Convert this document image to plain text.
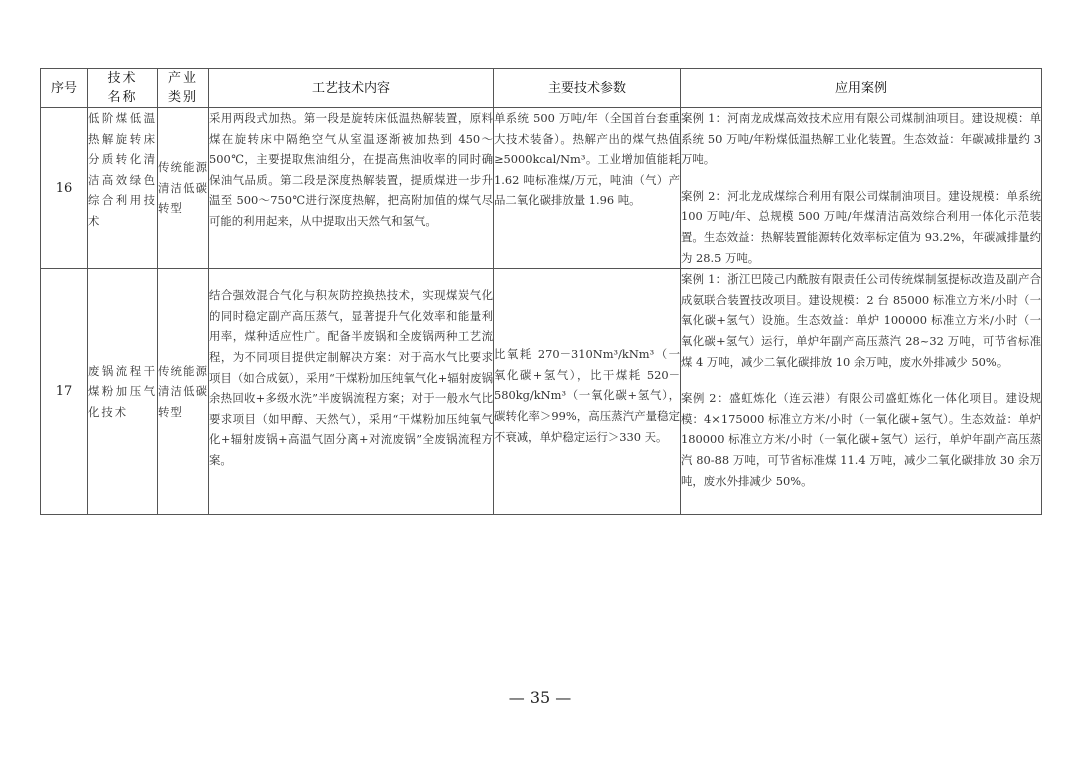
序号	技术名称	产业类别	工艺技术内容	主要技术参数	应用案例
16	低阶煤低温热解旋转床分质转化清洁高效绿色综合利用技术	传统能源清洁低碳转型	采用两段式加热。第一段是旋转床低温热解装置，原料煤在旋转床中隔绝空气从室温逐渐被加热到 450～500℃，主要提取焦油组分，在提高焦油收率的同时确保油气品质。第二段是深度热解装置，提质煤进一步升温至 500～750℃进行深度热解，把高附加值的煤气尽可能的利用起来，从中提取出天然气和氢气。	单系统 500 万吨/年（全国首台套重大技术装备）。热解产出的煤气热值≥5000kcal/Nm³。工业增加值能耗 1.62 吨标准煤/万元，吨油（气）产品二氧化碳排放量 1.96 吨。	案例 1：河南龙成煤高效技术应用有限公司煤制油项目。建设规模：单系统 50 万吨/年粉煤低温热解工业化装置。生态效益：年碳减排量约 3 万吨。

案例 2：河北龙成煤综合利用有限公司煤制油项目。建设规模：单系统 100 万吨/年、总规模 500 万吨/年煤清洁高效综合利用一体化示范装置。生态效益：热解装置能源转化效率标定值为 93.2%，年碳减排量约为 28.5 万吨。

17	废锅流程干煤粉加压气化技术	传统能源清洁低碳转型	结合强效混合气化与积灰防控换热技术，实现煤炭气化的同时稳定副产高压蒸气，显著提升气化效率和能量利用率，煤种适应性广。配备半废锅和全废锅两种工艺流程，为不同项目提供定制解决方案：对于高水气比要求项目（如合成氨），采用“干煤粉加压纯氧气化+辐射废锅余热回收+多级水洗”半废锅流程方案；对于一般水气比要求项目（如甲醇、天然气），采用“干煤粉加压纯氧气化+辐射废锅+高温气固分离+对流废锅”全废锅流程方案。	比氧耗 270－310Nm³/kNm³（一氧化碳+氢气），比干煤耗 520－580kg/kNm³（一氧化碳+氢气），碳转化率＞99%，高压蒸汽产量稳定不衰减，单炉稳定运行＞330 天。	案例 1：浙江巴陵己内酰胺有限责任公司传统煤制氢提标改造及副产合成氨联合装置技改项目。建设规模：2 台 85000 标准立方米/小时（一氧化碳+氢气）设施。生态效益：单炉 100000 标准立方米/小时（一氧化碳+氢气）运行，单炉年副产高压蒸汽 28~32 万吨，可节省标准煤 4 万吨，减少二氧化碳排放 10 余万吨，废水外排减少 50%。

案例 2：盛虹炼化（连云港）有限公司盛虹炼化一体化项目。建设规模：4×175000 标准立方米/小时（一氧化碳+氢气）。生态效益：单炉 180000 标准立方米/小时（一氧化碳+氢气）运行，单炉年副产高压蒸汽 80-88 万吨，可节省标准煤 11.4 万吨，减少二氧化碳排放 30 余万吨，废水外排减少 50%。

— 35 —
